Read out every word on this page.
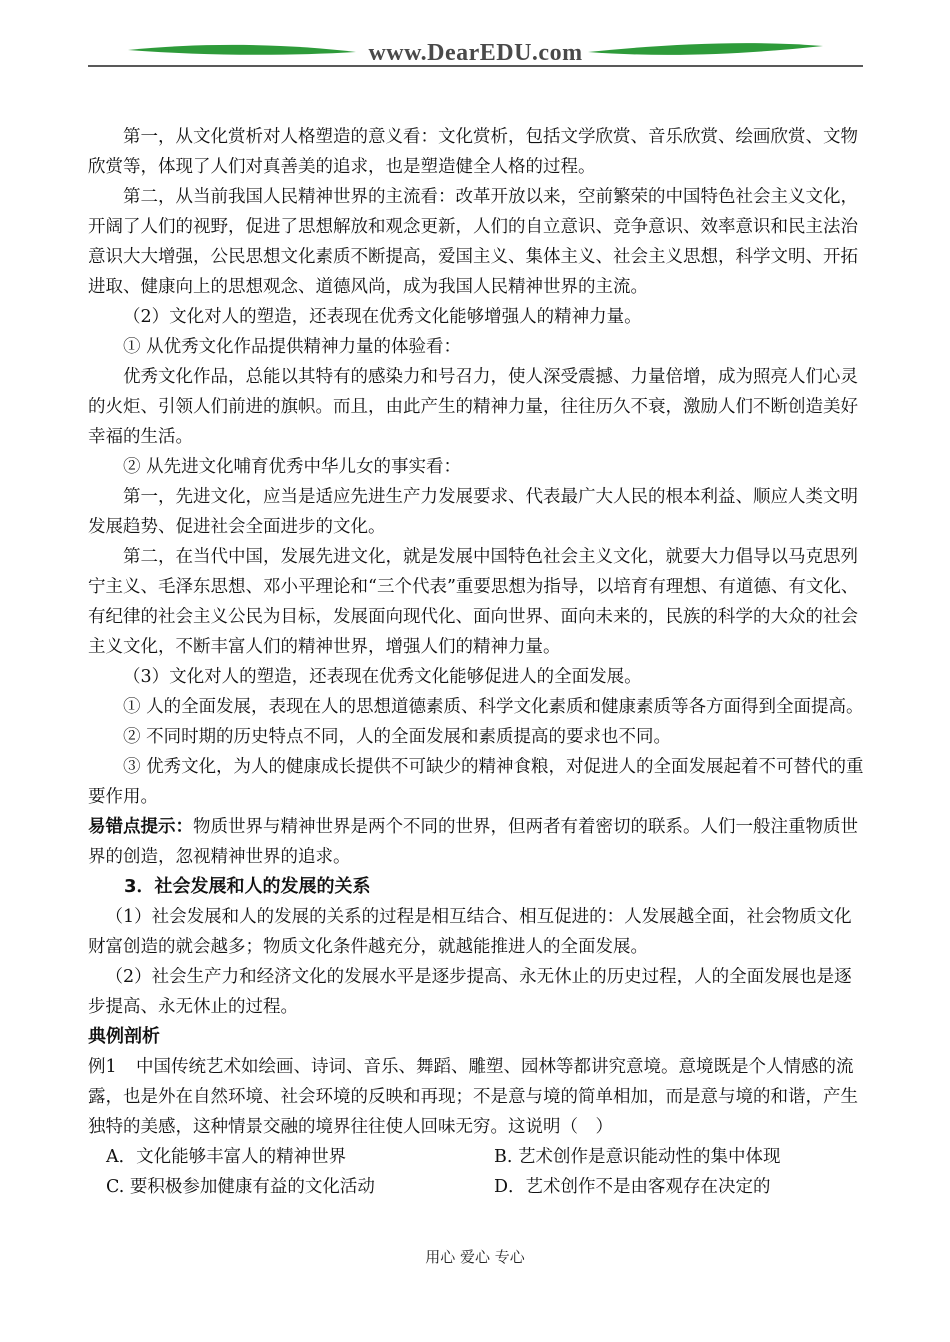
www.DearEDU.com

第一，从文化赏析对人格塑造的意义看：文化赏析，包括文学欣赏、音乐欣赏、绘画欣赏、文物欣赏等，体现了人们对真善美的追求，也是塑造健全人格的过程。

第二，从当前我国人民精神世界的主流看：改革开放以来，空前繁荣的中国特色社会主义文化，开阔了人们的视野，促进了思想解放和观念更新，人们的自立意识、竞争意识、效率意识和民主法治意识大大增强，公民思想文化素质不断提高，爱国主义、集体主义、社会主义思想，科学文明、开拓进取、健康向上的思想观念、道德风尚，成为我国人民精神世界的主流。

（2）文化对人的塑造，还表现在优秀文化能够增强人的精神力量。

① 从优秀文化作品提供精神力量的体验看：

优秀文化作品，总能以其特有的感染力和号召力，使人深受震撼、力量倍增，成为照亮人们心灵的火炬、引领人们前进的旗帜。而且，由此产生的精神力量，往往历久不衰，激励人们不断创造美好幸福的生活。

② 从先进文化哺育优秀中华儿女的事实看：

第一，先进文化，应当是适应先进生产力发展要求、代表最广大人民的根本利益、顺应人类文明发展趋势、促进社会全面进步的文化。

第二，在当代中国，发展先进文化，就是发展中国特色社会主义文化，就要大力倡导以马克思列宁主义、毛泽东思想、邓小平理论和“三个代表”重要思想为指导，以培育有理想、有道德、有文化、有纪律的社会主义公民为目标，发展面向现代化、面向世界、面向未来的，民族的科学的大众的社会主义文化，不断丰富人们的精神世界，增强人们的精神力量。

（3）文化对人的塑造，还表现在优秀文化能够促进人的全面发展。

① 人的全面发展，表现在人的思想道德素质、科学文化素质和健康素质等各方面得到全面提高。

② 不同时期的历史特点不同，人的全面发展和素质提高的要求也不同。

③ 优秀文化，为人的健康成长提供不可缺少的精神食粮，对促进人的全面发展起着不可替代的重要作用。

易错点提示：物质世界与精神世界是两个不同的世界，但两者有着密切的联系。人们一般注重物质世界的创造，忽视精神世界的追求。

3．社会发展和人的发展的关系

（1）社会发展和人的发展的关系的过程是相互结合、相互促进的：人发展越全面，社会物质文化财富创造的就会越多；物质文化条件越充分，就越能推进人的全面发展。

（2）社会生产力和经济文化的发展水平是逐步提高、永无休止的历史过程，人的全面发展也是逐步提高、永无休止的过程。

典例剖析

例1 中国传统艺术如绘画、诗词、音乐、舞蹈、雕塑、园林等都讲究意境。意境既是个人情感的流露，也是外在自然环境、社会环境的反映和再现；不是意与境的简单相加，而是意与境的和谐，产生独特的美感，这种情景交融的境界往往使人回味无穷。这说明（　）

A．文化能够丰富人的精神世界	B. 艺术创作是意识能动性的集中体现
C. 要积极参加健康有益的文化活动	D．艺术创作不是由客观存在决定的
用心 爱心 专心
